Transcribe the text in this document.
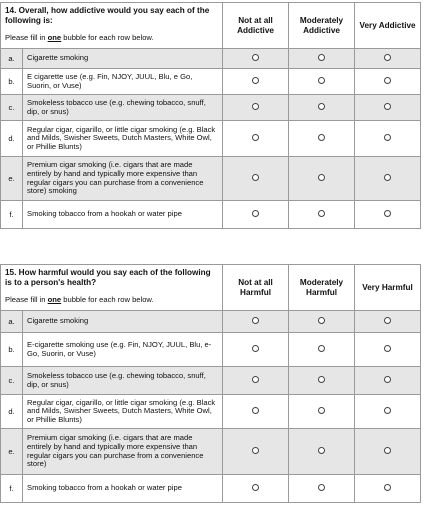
14. Overall, how addictive would you say each of the following is:
Please fill in one bubble for each row below.		Not at all Addictive	Moderately Addictive	Very Addictive
a.	Cigarette smoking			
b.	E cigarette use (e.g. Fin, NJOY, JUUL, Blu, e Go, Suorin, or Vuse)			
c.	Smokeless tobacco use (e.g. chewing tobacco, snuff, dip, or snus)			
d.	Regular cigar, cigarillo, or little cigar smoking (e.g. Black and Milds, Swisher Sweets, Dutch Masters, White Owl, or Phillie Blunts)			
e.	Premium cigar smoking (i.e. cigars that are made entirely by hand and typically more expensive than regular cigars you can purchase from a convenience store) smoking			
f.	Smoking tobacco from a hookah or water pipe			
15. How harmful would you say each of the following is to a person's health?
Please fill in one bubble for each row below.		Not at all Harmful	Moderately Harmful	Very Harmful
a.	Cigarette smoking			
b.	E-cigarette smoking use (e.g. Fin, NJOY, JUUL, Blu, e-Go, Suorin, or Vuse)			
c.	Smokeless tobacco use (e.g. chewing tobacco, snuff, dip, or snus)			
d.	Regular cigar, cigarillo, or little cigar smoking (e.g. Black and Milds, Swisher Sweets, Dutch Masters, White Owl, or Phillie Blunts)			
e.	Premium cigar smoking (i.e. cigars that are made entirely by hand and typically more expensive than regular cigars you can purchase from a convenience store)			
f.	Smoking tobacco from a hookah or water pipe			
